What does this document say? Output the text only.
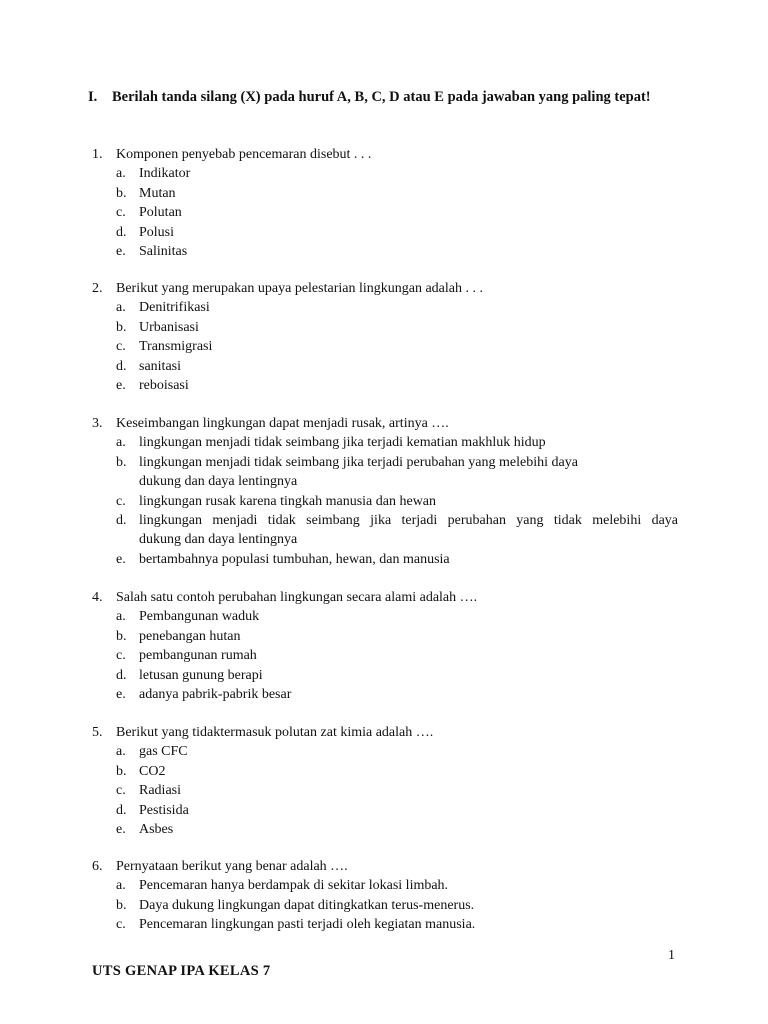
I. Berilah tanda silang (X) pada huruf A, B, C, D atau E pada jawaban yang paling tepat!
1. Komponen penyebab pencemaran disebut . . .
a. Indikator
b. Mutan
c. Polutan
d. Polusi
e. Salinitas
2. Berikut yang merupakan upaya pelestarian lingkungan adalah . . .
a. Denitrifikasi
b. Urbanisasi
c. Transmigrasi
d. sanitasi
e. reboisasi
3. Keseimbangan lingkungan dapat menjadi rusak, artinya ….
a. lingkungan menjadi tidak seimbang jika terjadi kematian makhluk hidup
b. lingkungan menjadi tidak seimbang jika terjadi perubahan yang melebihi daya
dukung dan daya lentingnya
c. lingkungan rusak karena tingkah manusia dan hewan
d. lingkungan menjadi tidak seimbang jika terjadi perubahan yang tidak melebihi daya
dukung dan daya lentingnya
e. bertambahnya populasi tumbuhan, hewan, dan manusia
4. Salah satu contoh perubahan lingkungan secara alami adalah ….
a. Pembangunan waduk
b. penebangan hutan
c. pembangunan rumah
d. letusan gunung berapi
e. adanya pabrik-pabrik besar
5. Berikut yang tidaktermasuk polutan zat kimia adalah ….
a. gas CFC
b. CO2
c. Radiasi
d. Pestisida
e. Asbes
6. Pernyataan berikut yang benar adalah ….
a. Pencemaran hanya berdampak di sekitar lokasi limbah.
b. Daya dukung lingkungan dapat ditingkatkan terus-menerus.
c. Pencemaran lingkungan pasti terjadi oleh kegiatan manusia.
1
UTS GENAP IPA KELAS 7
